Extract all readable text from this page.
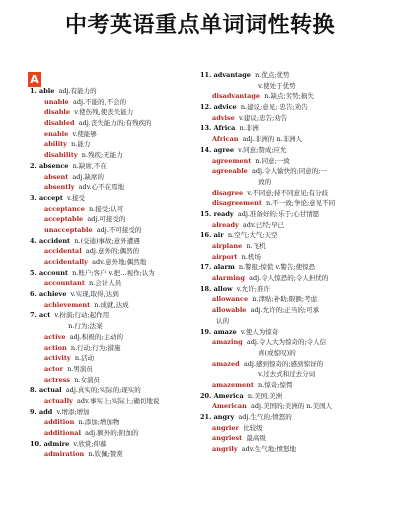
中考英语重点单词词性转换
A
1. able adj.有能力的
unable adj.不能的,不会的
disable v.使伤残,使丧失能力
disabled adj.丧失能力的;有残疾的
enable v.使能够
ability n.能力
disability n.残疾;无能力
2. absence n.缺席,不在
absent adj.缺席的
absently adv.心不在焉地
3. accept v.接受
acceptance n.接受;认可
acceptable adj.可接受的
unacceptable adj.不可接受的
4. accident n.(交通)事故;意外遭遇
accidental adj.意外的;偶然的
accidentally adv.意外地;偶然地
5. account n.账户;客户 v.把…视作;认为
accountant n.会计人员
6. achieve v.实现,取得,达到
achievement n.成就,达成
7. act v.扮演;行动;起作用
n.行为;法案
active adj.积极的;主动的
action n.行动;行为;措施
activity n.活动
actor n.男演员
actress n.女演员
8. actual adj.真实的;实际的;现实的
actually adv.事实上;实际上;确切地说
9. add v.增添;增加
addition n.添加;增加物
additional adj.额外的;附加的
10. admire v.欣赏;仰慕
admiration n.钦佩;赞赏
11. advantage n.优点;优势
v.使处于优势
disadvantage n.缺点;劣势;损失
12. advice n.建议;意见; 忠告;劝告
advise v.建议;忠告;劝告
13. Africa n.非洲
African adj.非洲的 n.非洲人
14. agree v.同意;赞成;应允
agreement n.同意;一致
agreeable adj.令人愉快的;同意的;一
致的
disagree v.不同意;持不同意见;有分歧
disagreement n.不一致;争论;意见不同
15. ready adj.准备好的;乐于;心甘情愿
already adv.已经;早已
16. air n.空气;大气;天空
airplane n.飞机
airport n.机场
17. alarm n.警报;惊慌 v.警告;使惊恐
alarming adj.令人惊恐的;令人担忧的
18. allow v.允许;准许
allowance n.津贴;补助;限额;考虑
allowable adj.允许的;正当的;可承
认的
19. amaze v.使人为惊奇
amazing adj.令人大为惊奇的;令人信
喜(或惊叹)的
amazed adj.感到惊奇的;感到惊讶的
v.过去式和过去分词
amazement n.惊奇;惊愕
20. America n.美国,美洲
American adj.美国的;美洲的 n.美国人
21. angry adj.生气的;愤怒的
angrier 比较级
angriest 最高级
angrily adv.生气地;愤怒地
